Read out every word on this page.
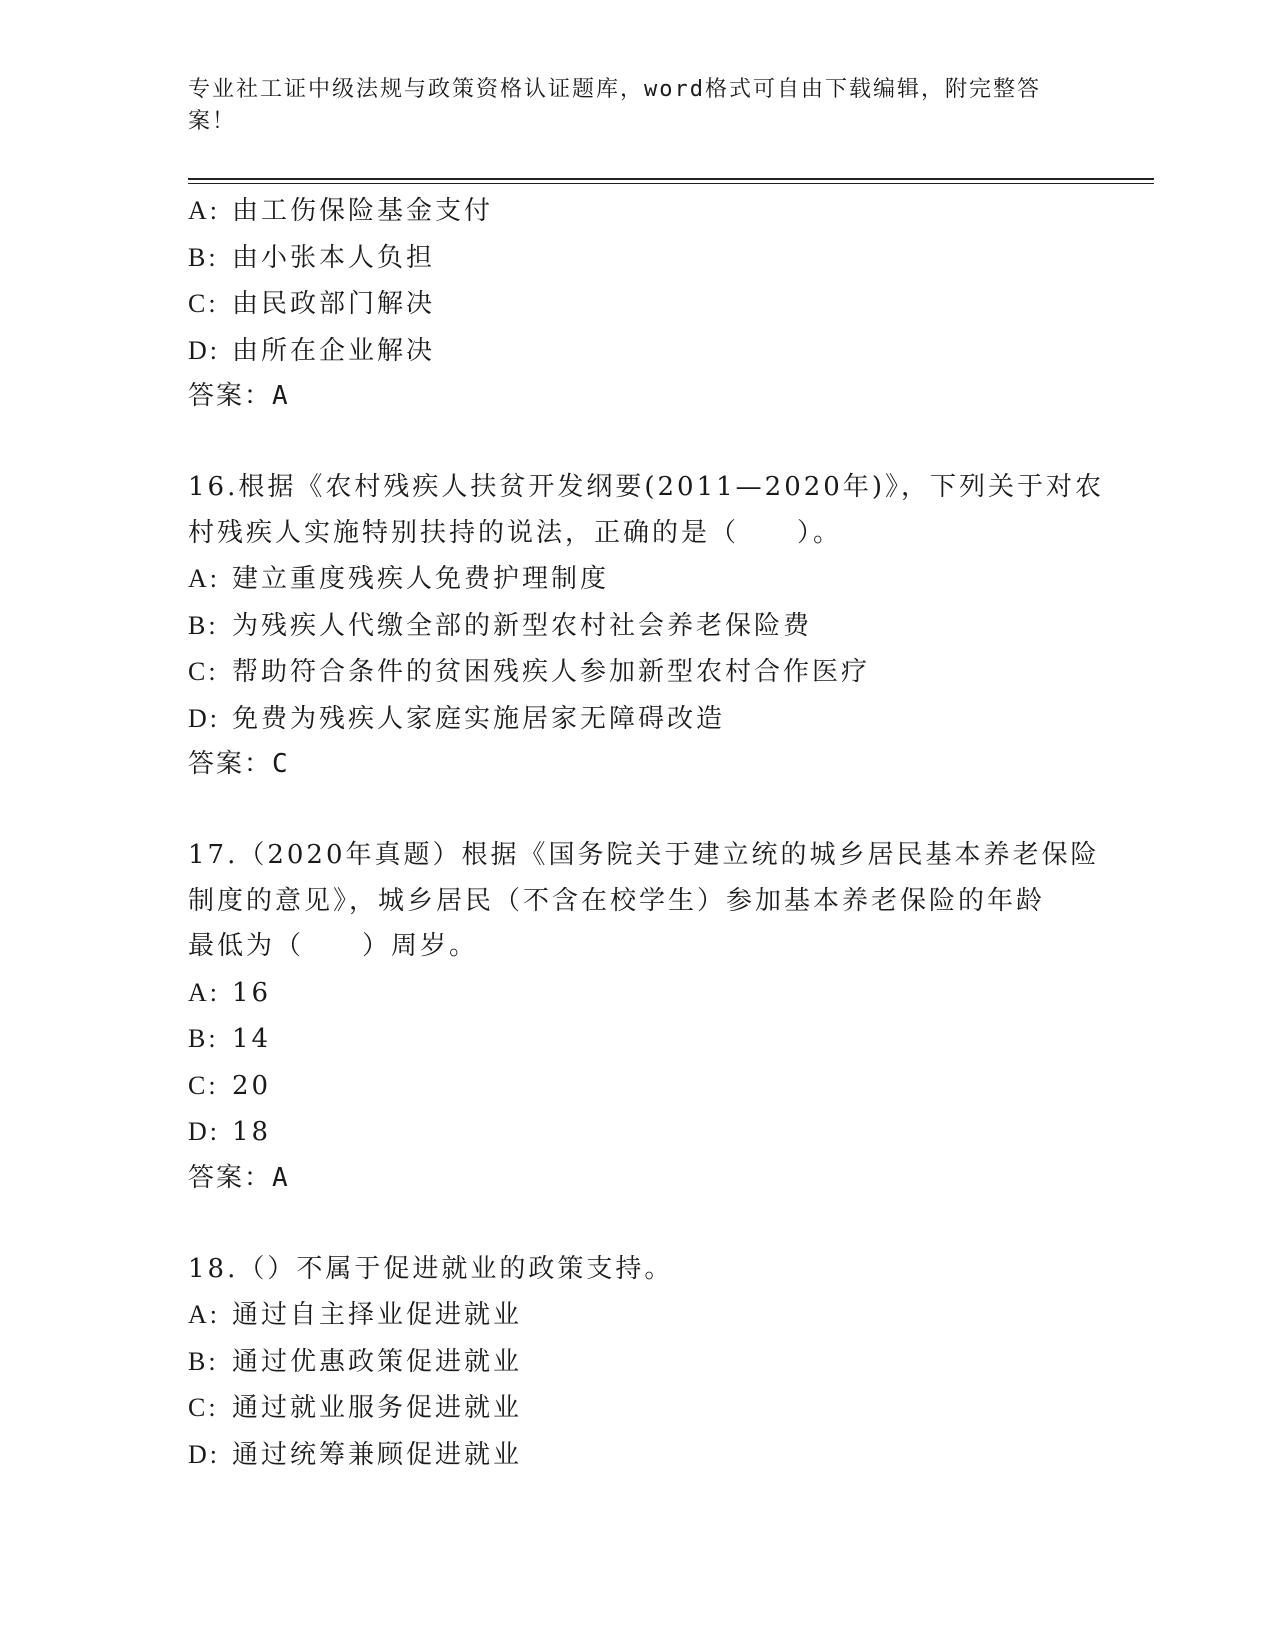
专业社工证中级法规与政策资格认证题库，word格式可自由下载编辑，附完整答
案！
A: 由工伤保险基金支付
B: 由小张本人负担
C: 由民政部门解决
D: 由所在企业解决
答案：A
16.根据《农村残疾人扶贫开发纲要(2011—2020年)》，下列关于对农
村残疾人实施特别扶持的说法，正确的是（　　）。
A: 建立重度残疾人免费护理制度
B: 为残疾人代缴全部的新型农村社会养老保险费
C: 帮助符合条件的贫困残疾人参加新型农村合作医疗
D: 免费为残疾人家庭实施居家无障碍改造
答案：C
17.（2020年真题）根据《国务院关于建立统的城乡居民基本养老保险
制度的意见》，城乡居民（不含在校学生）参加基本养老保险的年龄
最低为（　　）周岁。
A: 16
B: 14
C: 20
D: 18
答案：A
18.（）不属于促进就业的政策支持。
A: 通过自主择业促进就业
B: 通过优惠政策促进就业
C: 通过就业服务促进就业
D: 通过统筹兼顾促进就业
